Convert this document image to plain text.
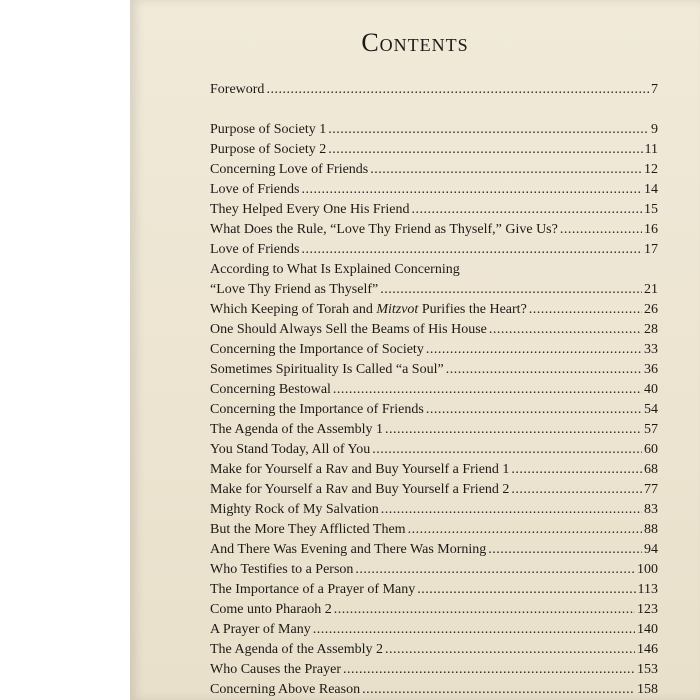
Contents
Foreword .....	7
Purpose of Society 1 .....	9
Purpose of Society 2 .....	11
Concerning Love of Friends .....	12
Love of Friends .....	14
They Helped Every One His Friend .....	15
What Does the Rule, “Love Thy Friend as Thyself,” Give Us? .....	16
Love of Friends .....	17
According to What Is Explained Concerning
“Love Thy Friend as Thyself” .....	21
Which Keeping of Torah and Mitzvot Purifies the Heart? .....	26
One Should Always Sell the Beams of His House .....	28
Concerning the Importance of Society .....	33
Sometimes Spirituality Is Called “a Soul” .....	36
Concerning Bestowal .....	40
Concerning the Importance of Friends .....	54
The Agenda of the Assembly 1 .....	57
You Stand Today, All of You .....	60
Make for Yourself a Rav and Buy Yourself a Friend 1 .....	68
Make for Yourself a Rav and Buy Yourself a Friend 2 .....	77
Mighty Rock of My Salvation .....	83
But the More They Afflicted Them .....	88
And There Was Evening and There Was Morning .....	94
Who Testifies to a Person .....	100
The Importance of a Prayer of Many .....	113
Come unto Pharaoh 2 .....	123
A Prayer of Many .....	140
The Agenda of the Assembly 2 .....	146
Who Causes the Prayer .....	153
Concerning Above Reason .....	158
